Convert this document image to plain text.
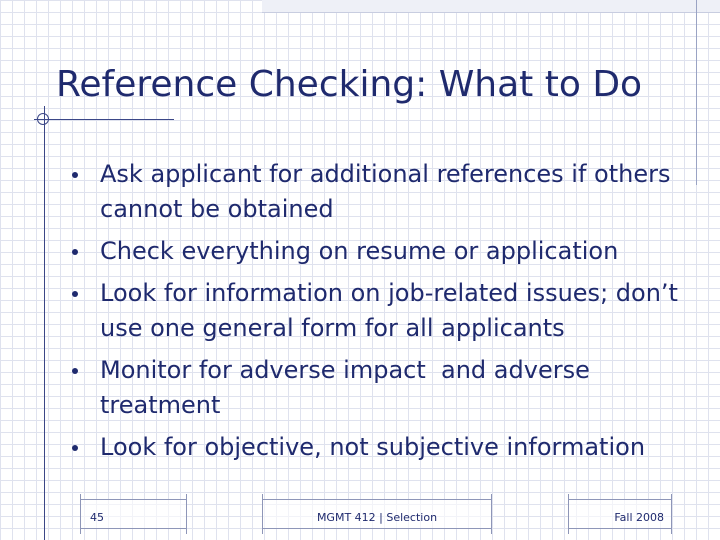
Reference Checking: What to Do
Ask applicant for additional references if others cannot be obtained
Check everything on resume or application
Look for information on job-related issues; don’t use one general form for all applicants
Monitor for adverse impact  and adverse treatment
Look for objective, not subjective information
45	MGMT 412 | Selection	Fall 2008
